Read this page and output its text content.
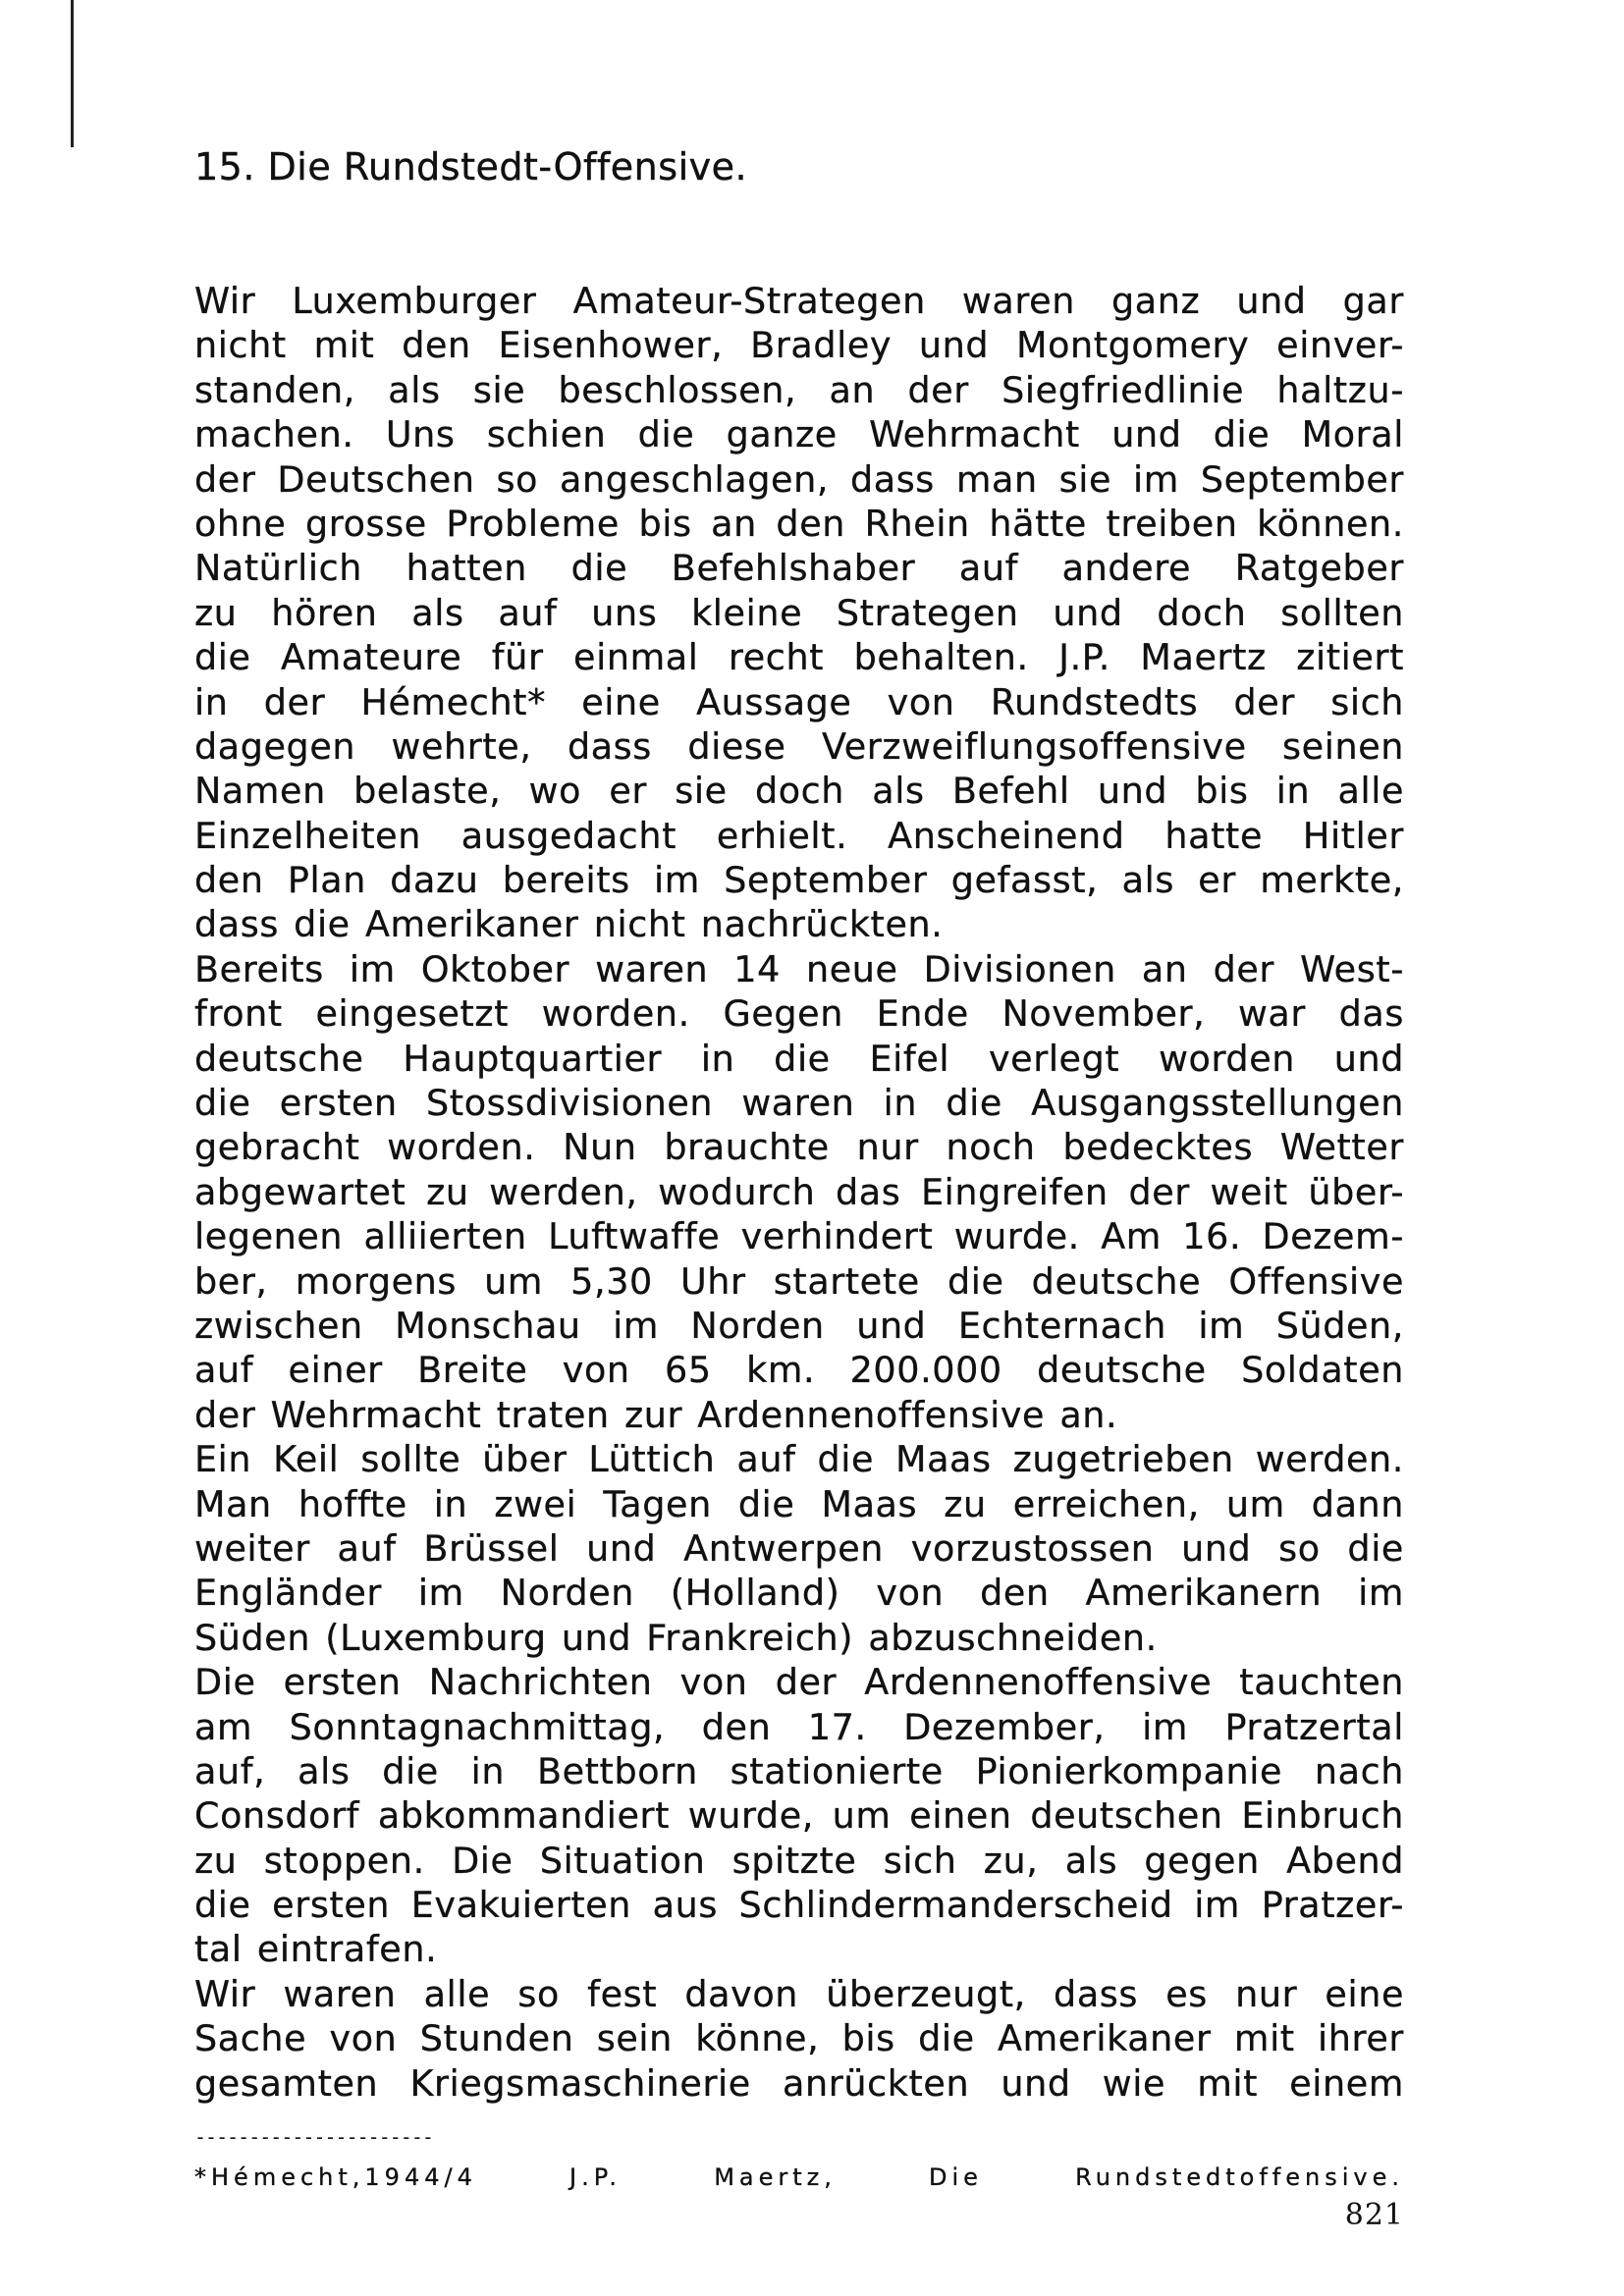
15. Die Rundstedt-Offensive.
Wir Luxemburger Amateur-Strategen waren ganz und gar
nicht mit den Eisenhower, Bradley und Montgomery einver-
standen, als sie beschlossen, an der Siegfriedlinie haltzu-
machen. Uns schien die ganze Wehrmacht und die Moral
der Deutschen so angeschlagen, dass man sie im September
ohne grosse Probleme bis an den Rhein hätte treiben können.
Natürlich hatten die Befehlshaber auf andere Ratgeber
zu hören als auf uns kleine Strategen und doch sollten
die Amateure für einmal recht behalten. J.P. Maertz zitiert
in der Hémecht* eine Aussage von Rundstedts der sich
dagegen wehrte, dass diese Verzweiflungsoffensive seinen
Namen belaste, wo er sie doch als Befehl und bis in alle
Einzelheiten ausgedacht erhielt. Anscheinend hatte Hitler
den Plan dazu bereits im September gefasst, als er merkte,
dass die Amerikaner nicht nachrückten.
Bereits im Oktober waren 14 neue Divisionen an der West-
front eingesetzt worden. Gegen Ende November, war das
deutsche Hauptquartier in die Eifel verlegt worden und
die ersten Stossdivisionen waren in die Ausgangsstellungen
gebracht worden. Nun brauchte nur noch bedecktes Wetter
abgewartet zu werden, wodurch das Eingreifen der weit über-
legenen alliierten Luftwaffe verhindert wurde. Am 16. Dezem-
ber, morgens um 5,30 Uhr startete die deutsche Offensive
zwischen Monschau im Norden und Echternach im Süden,
auf einer Breite von 65 km. 200.000 deutsche Soldaten
der Wehrmacht traten zur Ardennenoffensive an.
Ein Keil sollte über Lüttich auf die Maas zugetrieben werden.
Man hoffte in zwei Tagen die Maas zu erreichen, um dann
weiter auf Brüssel und Antwerpen vorzustossen und so die
Engländer im Norden (Holland) von den Amerikanern im
Süden (Luxemburg und Frankreich) abzuschneiden.
Die ersten Nachrichten von der Ardennenoffensive tauchten
am Sonntagnachmittag, den 17. Dezember, im Pratzertal
auf, als die in Bettborn stationierte Pionierkompanie nach
Consdorf abkommandiert wurde, um einen deutschen Einbruch
zu stoppen. Die Situation spitzte sich zu, als gegen Abend
die ersten Evakuierten aus Schlindermanderscheid im Pratzer-
tal eintrafen.
Wir waren alle so fest davon überzeugt, dass es nur eine
Sache von Stunden sein könne, bis die Amerikaner mit ihrer
gesamten Kriegsmaschinerie anrückten und wie mit einem
----------------------
*Hémecht,1944/4	J.P.	Maertz,	Die	Rundstedtoffensive.
821
